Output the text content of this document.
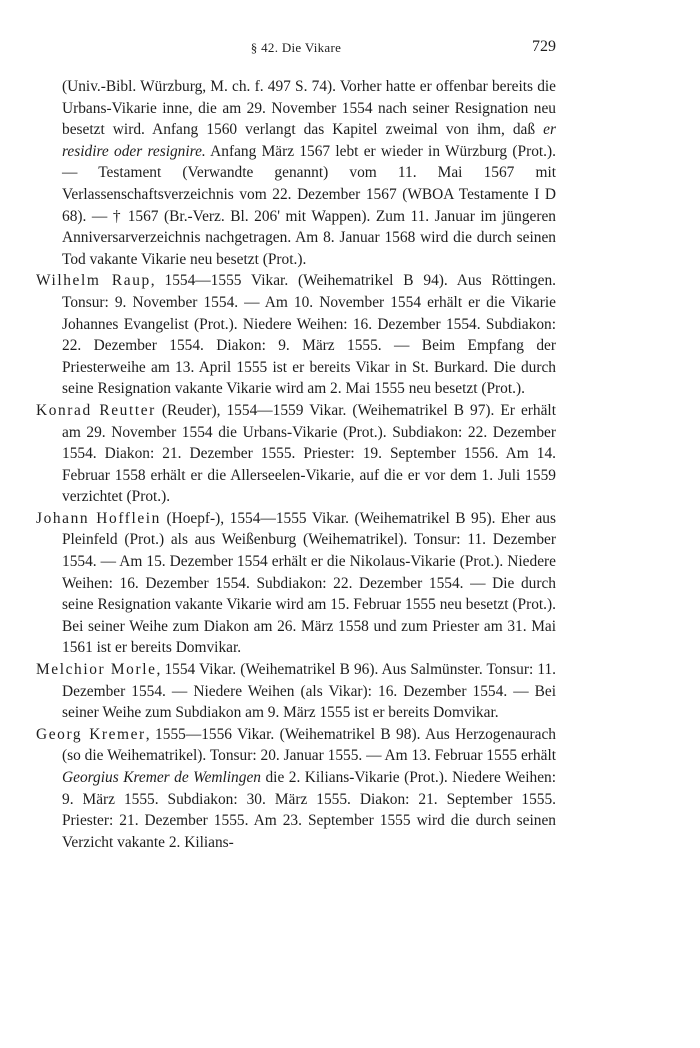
§ 42. Die Vikare	729

(Univ.-Bibl. Würzburg, M. ch. f. 497 S. 74). Vorher hatte er offenbar bereits die Urbans-Vikarie inne, die am 29. November 1554 nach seiner Resignation neu besetzt wird. Anfang 1560 verlangt das Kapitel zweimal von ihm, daß er residire oder resignire. Anfang März 1567 lebt er wieder in Würzburg (Prot.). — Testament (Verwandte genannt) vom 11. Mai 1567 mit Verlassenschaftsverzeichnis vom 22. Dezember 1567 (WBOA Testamente I D 68). — † 1567 (Br.-Verz. Bl. 206' mit Wappen). Zum 11. Januar im jüngeren Anniversarverzeichnis nachgetragen. Am 8. Januar 1568 wird die durch seinen Tod vakante Vikarie neu besetzt (Prot.).

Wilhelm Raup, 1554—1555 Vikar. (Weihematrikel B 94). Aus Röttingen. Tonsur: 9. November 1554. — Am 10. November 1554 erhält er die Vikarie Johannes Evangelist (Prot.). Niedere Weihen: 16. Dezember 1554. Subdiakon: 22. Dezember 1554. Diakon: 9. März 1555. — Beim Empfang der Priesterweihe am 13. April 1555 ist er bereits Vikar in St. Burkard. Die durch seine Resignation vakante Vikarie wird am 2. Mai 1555 neu besetzt (Prot.).

Konrad Reutter (Reuder), 1554—1559 Vikar. (Weihematrikel B 97). Er erhält am 29. November 1554 die Urbans-Vikarie (Prot.). Subdiakon: 22. Dezember 1554. Diakon: 21. Dezember 1555. Priester: 19. September 1556. Am 14. Februar 1558 erhält er die Allerseelen-Vikarie, auf die er vor dem 1. Juli 1559 verzichtet (Prot.).

Johann Hofflein (Hoepf-), 1554—1555 Vikar. (Weihematrikel B 95). Eher aus Pleinfeld (Prot.) als aus Weißenburg (Weihematrikel). Tonsur: 11. Dezember 1554. — Am 15. Dezember 1554 erhält er die Nikolaus-Vikarie (Prot.). Niedere Weihen: 16. Dezember 1554. Subdiakon: 22. Dezember 1554. — Die durch seine Resignation vakante Vikarie wird am 15. Februar 1555 neu besetzt (Prot.). Bei seiner Weihe zum Diakon am 26. März 1558 und zum Priester am 31. Mai 1561 ist er bereits Domvikar.

Melchior Morle, 1554 Vikar. (Weihematrikel B 96). Aus Salmünster. Tonsur: 11. Dezember 1554. — Niedere Weihen (als Vikar): 16. Dezember 1554. — Bei seiner Weihe zum Subdiakon am 9. März 1555 ist er bereits Domvikar.

Georg Kremer, 1555—1556 Vikar. (Weihematrikel B 98). Aus Herzogenaurach (so die Weihematrikel). Tonsur: 20. Januar 1555. — Am 13. Februar 1555 erhält Georgius Kremer de Wemlingen die 2. Kilians-Vikarie (Prot.). Niedere Weihen: 9. März 1555. Subdiakon: 30. März 1555. Diakon: 21. September 1555. Priester: 21. Dezember 1555. Am 23. September 1555 wird die durch seinen Verzicht vakante 2. Kilians-
